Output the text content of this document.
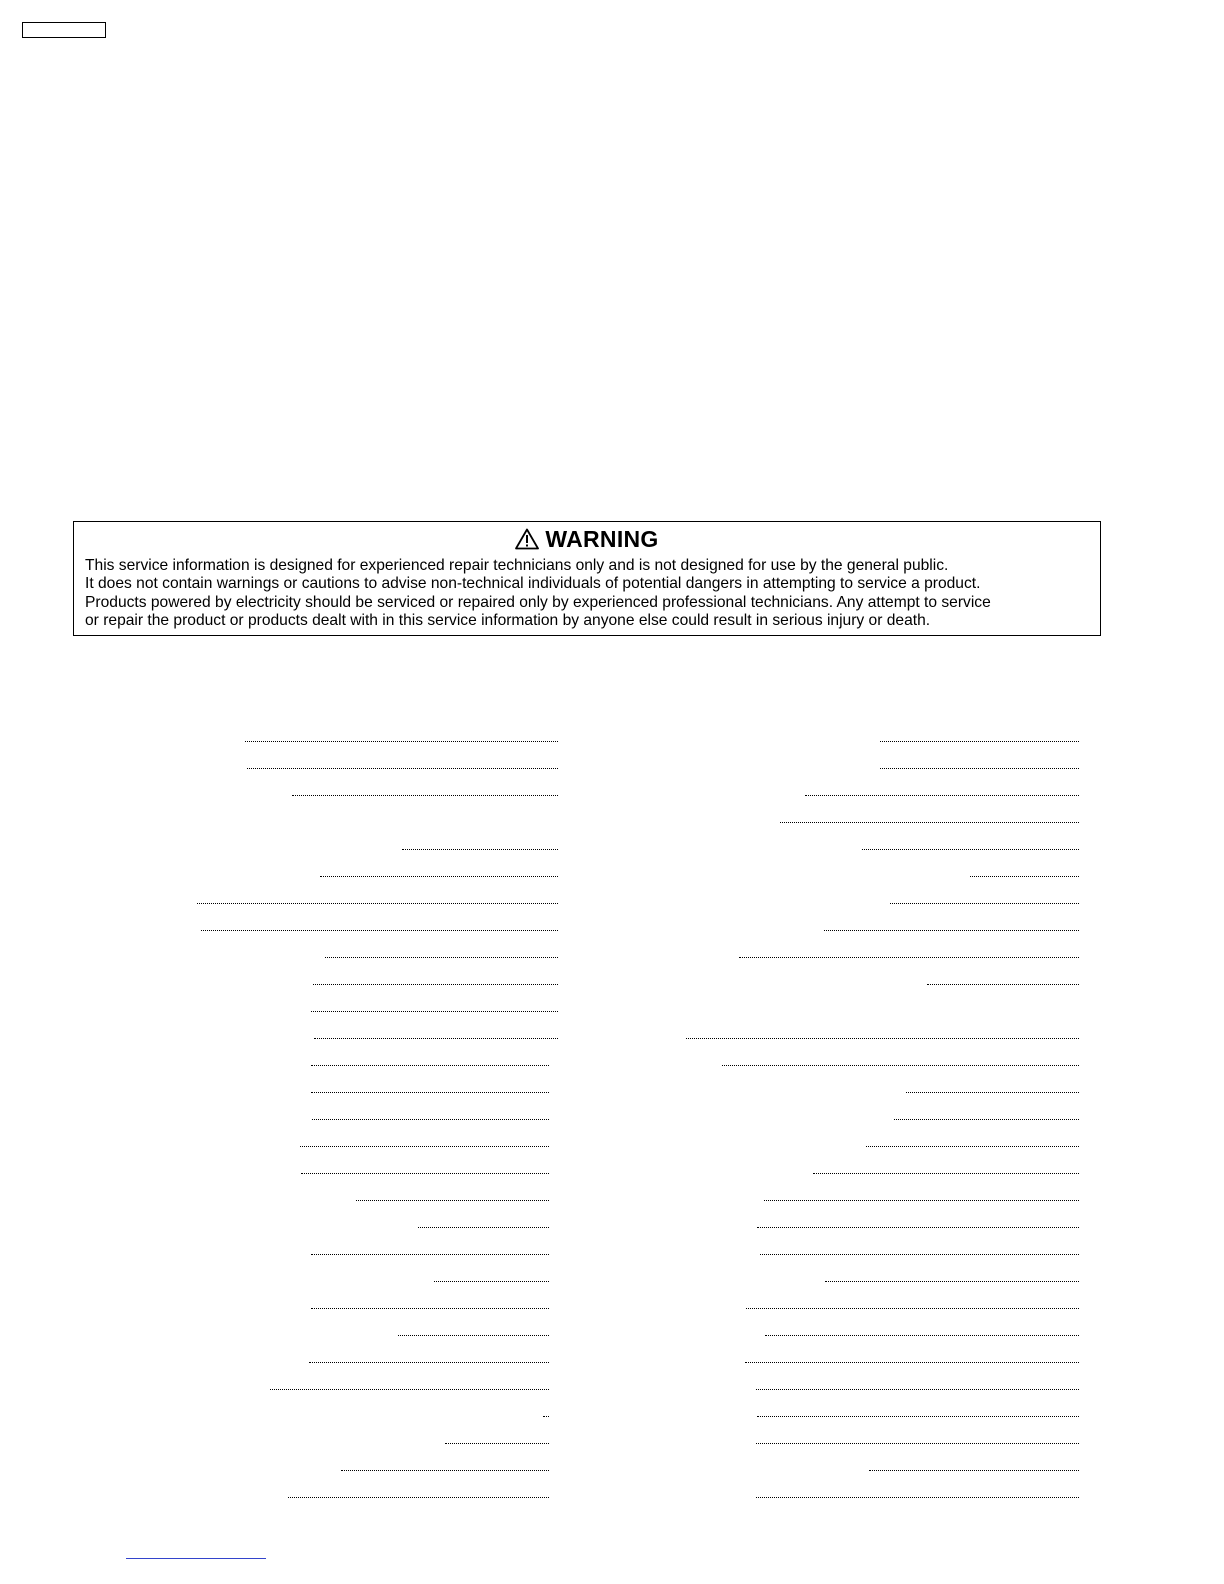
WARNING
This service information is designed for experienced repair technicians only and is not designed for use by the general public.
It does not contain warnings or cautions to advise non-technical individuals of potential dangers in attempting to service a product.
Products powered by electricity should be serviced or repaired only by experienced professional technicians. Any attempt to service
or repair the product or products dealt with in this service information by anyone else could result in serious injury or death.
